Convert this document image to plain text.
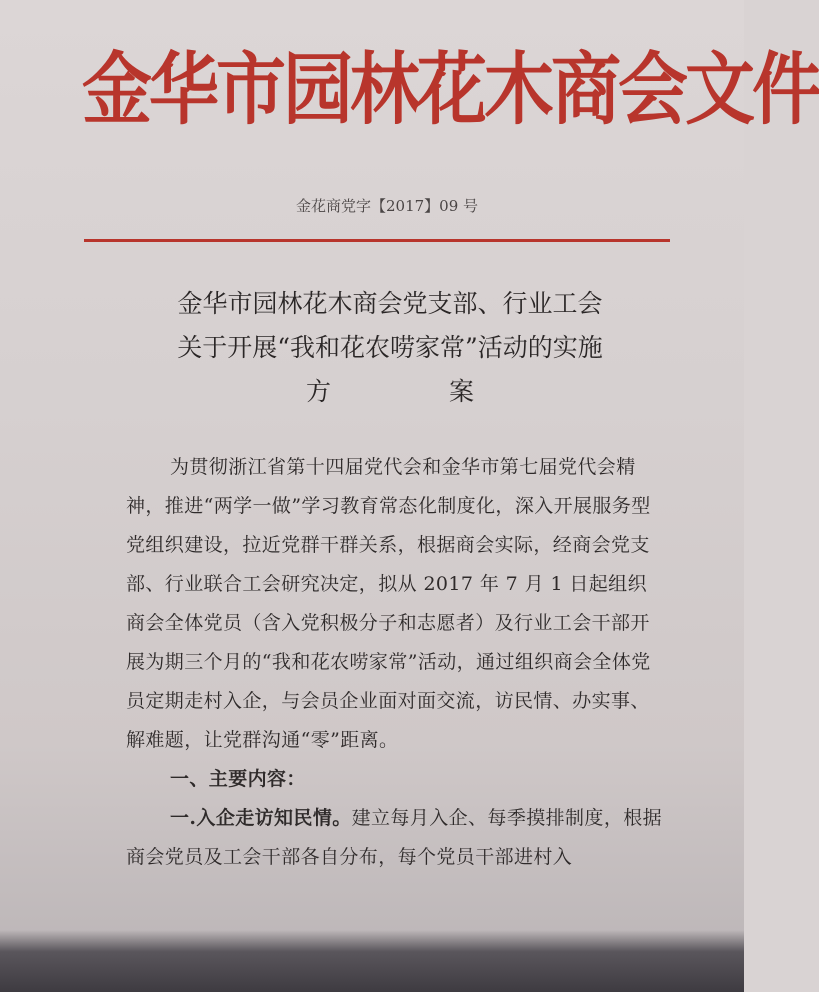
金华市园林花木商会文件
金花商党字【2017】09 号
金华市园林花木商会党支部、行业工会
关于开展“我和花农唠家常”活动的实施
方案

为贯彻浙江省第十四届党代会和金华市第七届党代会精神，推进“两学一做”学习教育常态化制度化，深入开展服务型党组织建设，拉近党群干群关系，根据商会实际，经商会党支部、行业联合工会研究决定，拟从 2017 年 7 月 1 日起组织商会全体党员（含入党积极分子和志愿者）及行业工会干部开展为期三个月的“我和花农唠家常”活动，通过组织商会全体党员定期走村入企，与会员企业面对面交流，访民情、办实事、解难题，让党群沟通“零”距离。

一、主要内容：

一.入企走访知民情。建立每月入企、每季摸排制度，根据商会党员及工会干部各自分布，每个党员干部进村入
